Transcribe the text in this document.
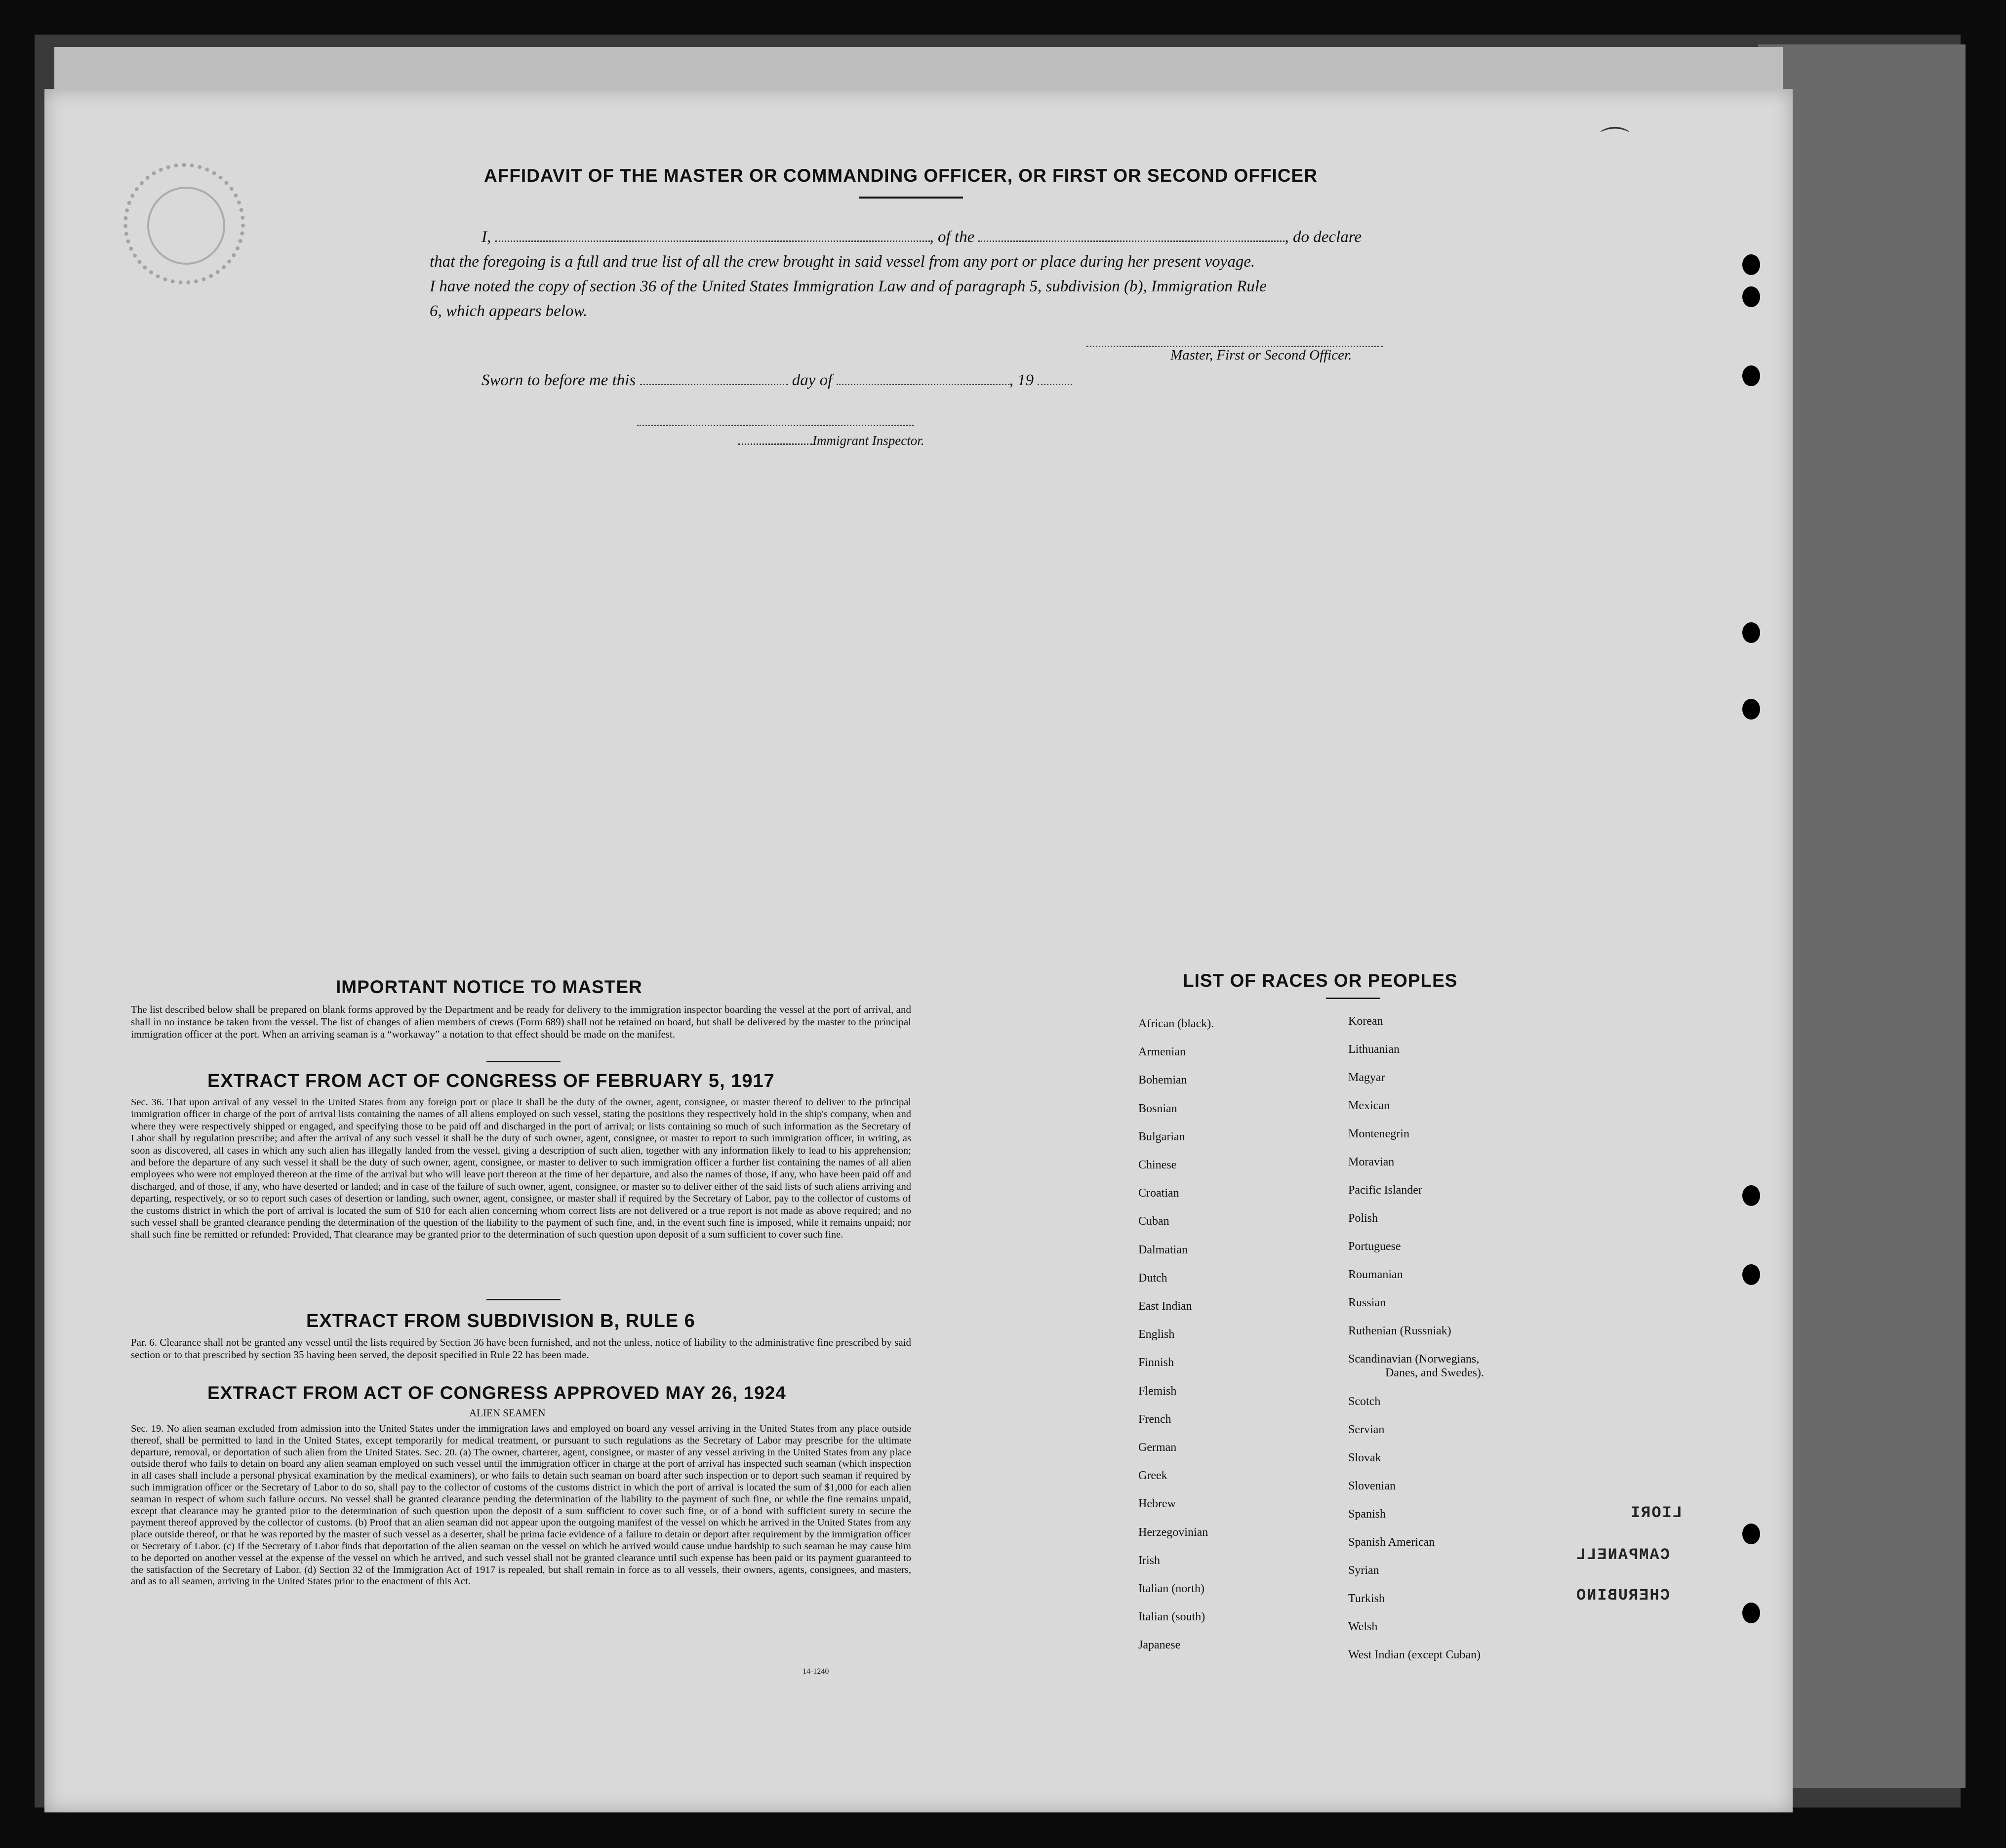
⌒
AFFIDAVIT OF THE MASTER OR COMMANDING OFFICER, OR FIRST OR SECOND OFFICER
I,	, of the	, do declare
that the foregoing is a full and true list of all the crew brought in said vessel from any port or place during her present voyage.
I have noted the copy of section 36 of the United States Immigration Law and of paragraph 5, subdivision (b), Immigration Rule
6, which appears below.
Master, First or Second Officer.
Sworn to before me this	day of	, 19
Immigrant Inspector.
IMPORTANT NOTICE TO MASTER
The list described below shall be prepared on blank forms approved by the Department and be ready for delivery to the immigration inspector boarding the vessel at the port of arrival, and shall in no instance be taken from the vessel. The list of changes of alien members of crews (Form 689) shall not be retained on board, but shall be delivered by the master to the principal immigration officer at the port. When an arriving seaman is a “workaway” a notation to that effect should be made on the manifest.
EXTRACT FROM ACT OF CONGRESS OF FEBRUARY 5, 1917
Sec. 36. That upon arrival of any vessel in the United States from any foreign port or place it shall be the duty of the owner, agent, consignee, or master thereof to deliver to the principal immigration officer in charge of the port of arrival lists containing the names of all aliens employed on such vessel, stating the positions they respectively hold in the ship's company, when and where they were respectively shipped or engaged, and specifying those to be paid off and discharged in the port of arrival; or lists containing so much of such information as the Secretary of Labor shall by regulation prescribe; and after the arrival of any such vessel it shall be the duty of such owner, agent, consignee, or master to report to such immigration officer, in writing, as soon as discovered, all cases in which any such alien has illegally landed from the vessel, giving a description of such alien, together with any information likely to lead to his apprehension; and before the departure of any such vessel it shall be the duty of such owner, agent, consignee, or master to deliver to such immigration officer a further list containing the names of all alien employees who were not employed thereon at the time of the arrival but who will leave port thereon at the time of her departure, and also the names of those, if any, who have been paid off and discharged, and of those, if any, who have deserted or landed; and in case of the failure of such owner, agent, consignee, or master so to deliver either of the said lists of such aliens arriving and departing, respectively, or so to report such cases of desertion or landing, such owner, agent, consignee, or master shall if required by the Secretary of Labor, pay to the collector of customs of the customs district in which the port of arrival is located the sum of $10 for each alien concerning whom correct lists are not delivered or a true report is not made as above required; and no such vessel shall be granted clearance pending the determination of the question of the liability to the payment of such fine, and, in the event such fine is imposed, while it remains unpaid; nor shall such fine be remitted or refunded: Provided, That clearance may be granted prior to the determination of such question upon deposit of a sum sufficient to cover such fine.
EXTRACT FROM SUBDIVISION B, RULE 6
Par. 6. Clearance shall not be granted any vessel until the lists required by Section 36 have been furnished, and not the unless, notice of liability to the administrative fine prescribed by said section or to that prescribed by section 35 having been served, the deposit specified in Rule 22 has been made.
EXTRACT FROM ACT OF CONGRESS APPROVED MAY 26, 1924
ALIEN SEAMEN
Sec. 19. No alien seaman excluded from admission into the United States under the immigration laws and employed on board any vessel arriving in the United States from any place outside thereof, shall be permitted to land in the United States, except temporarily for medical treatment, or pursuant to such regulations as the Secretary of Labor may prescribe for the ultimate departure, removal, or deportation of such alien from the United States. Sec. 20. (a) The owner, charterer, agent, consignee, or master of any vessel arriving in the United States from any place outside therof who fails to detain on board any alien seaman employed on such vessel until the immigration officer in charge at the port of arrival has inspected such seaman (which inspection in all cases shall include a personal physical examination by the medical examiners), or who fails to detain such seaman on board after such inspection or to deport such seaman if required by such immigration officer or the Secretary of Labor to do so, shall pay to the collector of customs of the customs district in which the port of arrival is located the sum of $1,000 for each alien seaman in respect of whom such failure occurs. No vessel shall be granted clearance pending the determination of the liability to the payment of such fine, or while the fine remains unpaid, except that clearance may be granted prior to the determination of such question upon the deposit of a sum sufficient to cover such fine, or of a bond with sufficient surety to secure the payment thereof approved by the collector of customs. (b) Proof that an alien seaman did not appear upon the outgoing manifest of the vessel on which he arrived in the United States from any place outside thereof, or that he was reported by the master of such vessel as a deserter, shall be prima facie evidence of a failure to detain or deport after requirement by the immigration officer or Secretary of Labor. (c) If the Secretary of Labor finds that deportation of the alien seaman on the vessel on which he arrived would cause undue hardship to such seaman he may cause him to be deported on another vessel at the expense of the vessel on which he arrived, and such vessel shall not be granted clearance until such expense has been paid or its payment guaranteed to the satisfaction of the Secretary of Labor. (d) Section 32 of the Immigration Act of 1917 is repealed, but shall remain in force as to all vessels, their owners, agents, consignees, and masters, and as to all seamen, arriving in the United States prior to the enactment of this Act.
14-1240
LIST OF RACES OR PEOPLES
LIORI
CAMPANELL
CHERUBINO
African (black).
Armenian
Bohemian
Bosnian
Bulgarian
Chinese
Croatian
Cuban
Dalmatian
Dutch
East Indian
English
Finnish
Flemish
French
German
Greek
Hebrew
Herzegovinian
Irish
Italian (north)
Italian (south)
Japanese
Korean
Lithuanian
Magyar
Mexican
Montenegrin
Moravian
Pacific Islander
Polish
Portuguese
Roumanian
Russian
Ruthenian (Russniak)
Scandinavian (Norwegians,
Danes, and Swedes).
Scotch
Servian
Slovak
Slovenian
Spanish
Spanish American
Syrian
Turkish
Welsh
West Indian (except Cuban)
